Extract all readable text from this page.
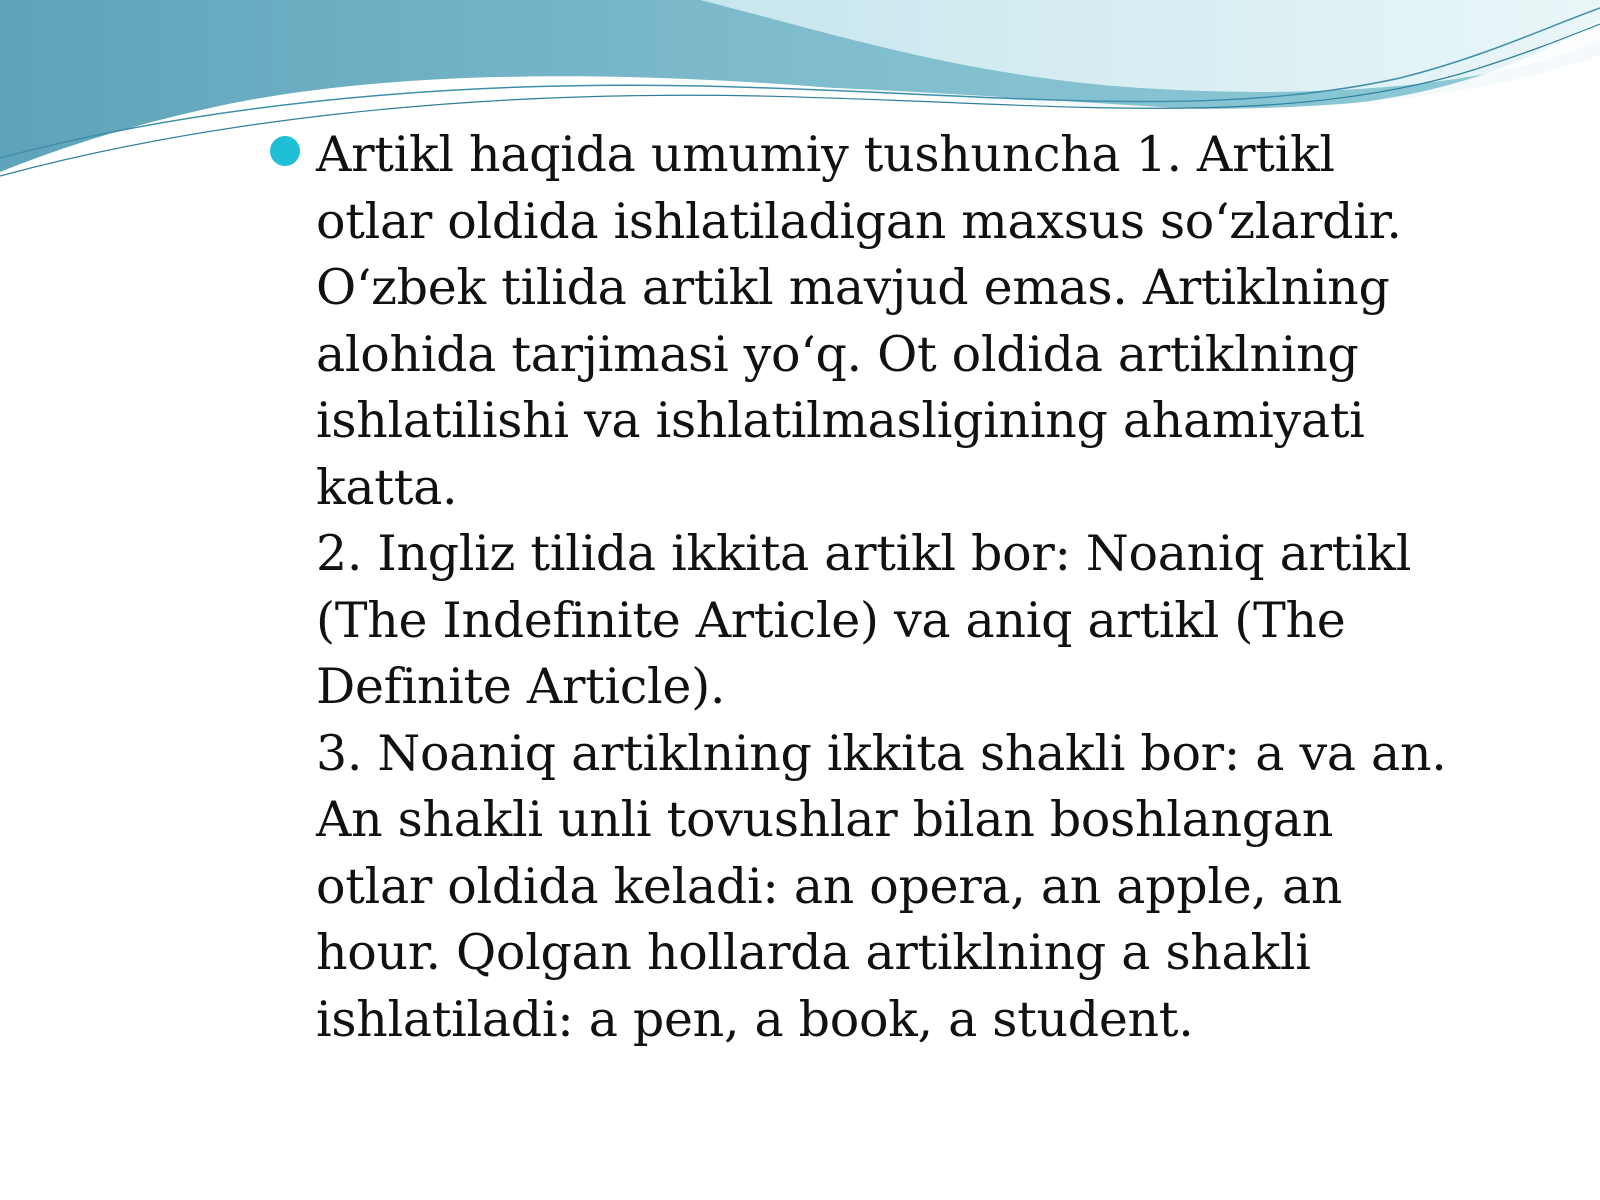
Artikl haqida umumiy tushuncha 1. Artikl
otlar oldida ishlatiladigan maxsus so‘zlardir.
O‘zbek tilida artikl mavjud emas. Artiklning
alohida tarjimasi yo‘q. Ot oldida artiklning
ishlatilishi va ishlatilmasligining ahamiyati
katta.
2. Ingliz tilida ikkita artikl bor: Noaniq artikl
(The Indefinite Article) va aniq artikl (The
Definite Article).
3. Noaniq artiklning ikkita shakli bor: a va an.
An shakli unli tovushlar bilan boshlangan
otlar oldida keladi: an opera, an apple, an
hour. Qolgan hollarda artiklning a shakli
ishlatiladi: a pen, a book, a student.
